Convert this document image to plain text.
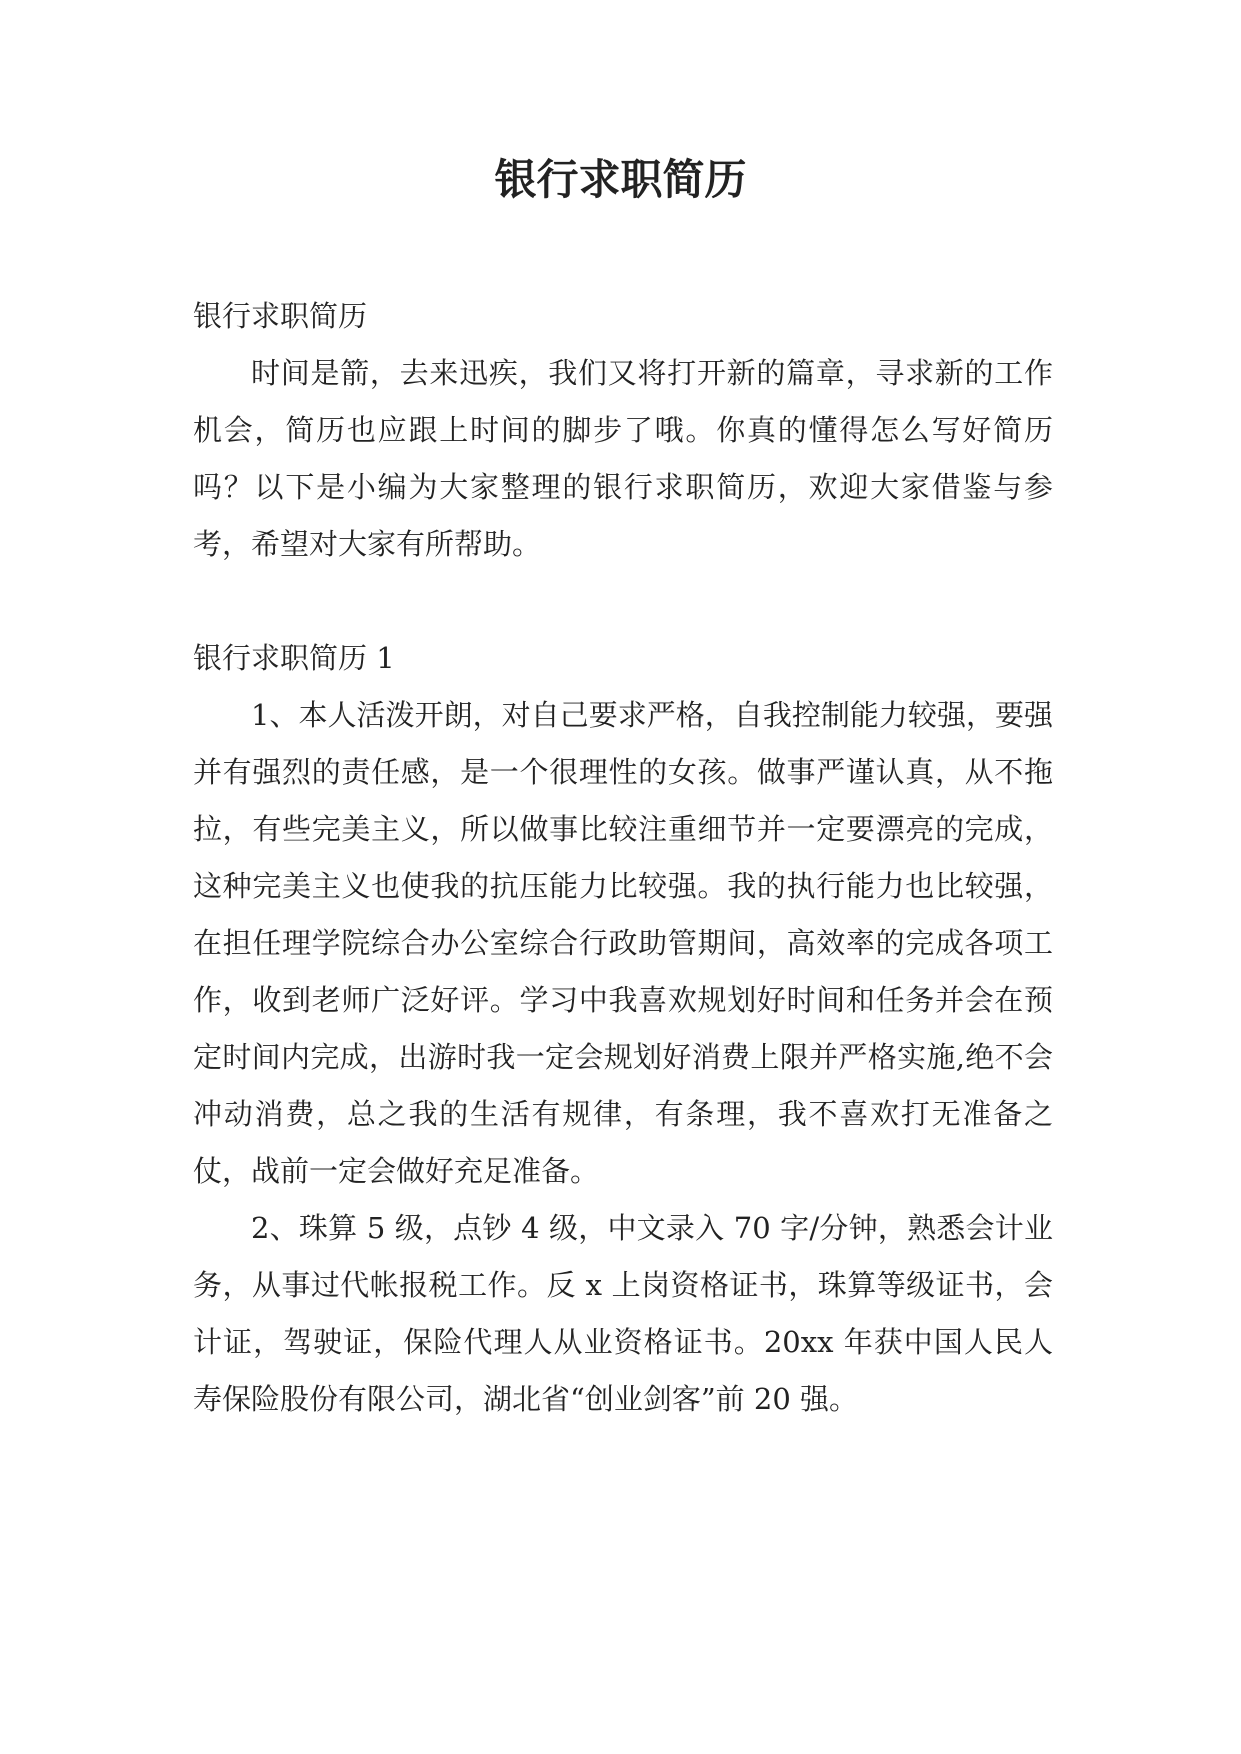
银行求职简历

银行求职简历

时间是箭，去来迅疾，我们又将打开新的篇章，寻求新的工作机会，简历也应跟上时间的脚步了哦。你真的懂得怎么写好简历吗？以下是小编为大家整理的银行求职简历，欢迎大家借鉴与参考，希望对大家有所帮助。

银行求职简历 1

1、本人活泼开朗，对自己要求严格，自我控制能力较强，要强并有强烈的责任感，是一个很理性的女孩。做事严谨认真，从不拖拉，有些完美主义，所以做事比较注重细节并一定要漂亮的完成，这种完美主义也使我的抗压能力比较强。我的执行能力也比较强，在担任理学院综合办公室综合行政助管期间，高效率的完成各项工作，收到老师广泛好评。学习中我喜欢规划好时间和任务并会在预定时间内完成，出游时我一定会规划好消费上限并严格实施,绝不会冲动消费，总之我的生活有规律，有条理，我不喜欢打无准备之仗，战前一定会做好充足准备。

2、珠算 5 级，点钞 4 级，中文录入 70 字/分钟，熟悉会计业务，从事过代帐报税工作。反 x 上岗资格证书，珠算等级证书，会计证，驾驶证，保险代理人从业资格证书。20xx 年获中国人民人寿保险股份有限公司，湖北省“创业剑客”前 20 强。
